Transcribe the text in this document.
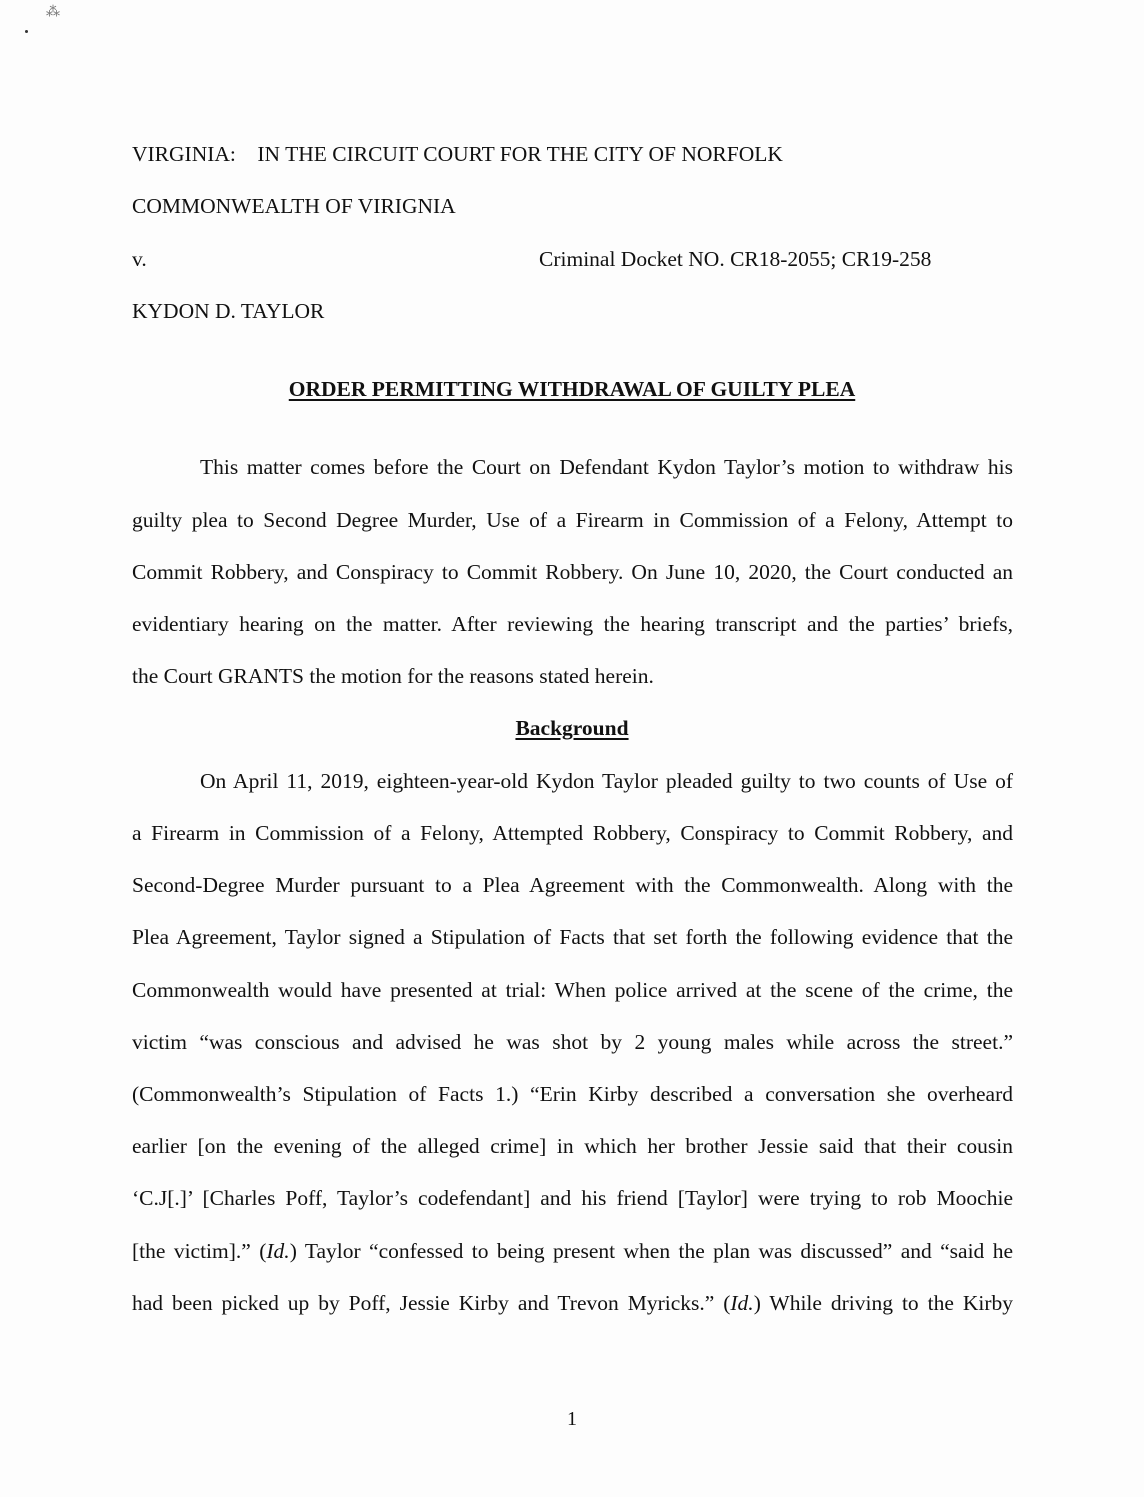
⁂
VIRGINIA:    IN THE CIRCUIT COURT FOR THE CITY OF NORFOLK
COMMONWEALTH OF VIRIGNIA
v.	Criminal Docket NO. CR18-2055; CR19-258
KYDON D. TAYLOR
ORDER PERMITTING WITHDRAWAL OF GUILTY PLEA
This matter comes before the Court on Defendant Kydon Taylor’s motion to withdraw his
guilty plea to Second Degree Murder, Use of a Firearm in Commission of a Felony, Attempt to
Commit Robbery, and Conspiracy to Commit Robbery. On June 10, 2020, the Court conducted an
evidentiary hearing on the matter. After reviewing the hearing transcript and the parties’ briefs,
the Court GRANTS the motion for the reasons stated herein.
Background
On April 11, 2019, eighteen-year-old Kydon Taylor pleaded guilty to two counts of Use of
a Firearm in Commission of a Felony, Attempted Robbery, Conspiracy to Commit Robbery, and
Second-Degree Murder pursuant to a Plea Agreement with the Commonwealth. Along with the
Plea Agreement, Taylor signed a Stipulation of Facts that set forth the following evidence that the
Commonwealth would have presented at trial: When police arrived at the scene of the crime, the
victim “was conscious and advised he was shot by 2 young males while across the street.”
(Commonwealth’s Stipulation of Facts 1.) “Erin Kirby described a conversation she overheard
earlier [on the evening of the alleged crime] in which her brother Jessie said that their cousin
‘C.J[.]’ [Charles Poff, Taylor’s codefendant] and his friend [Taylor] were trying to rob Moochie
[the victim].” (Id.) Taylor “confessed to being present when the plan was discussed” and “said he
had been picked up by Poff, Jessie Kirby and Trevon Myricks.” (Id.) While driving to the Kirby
1
